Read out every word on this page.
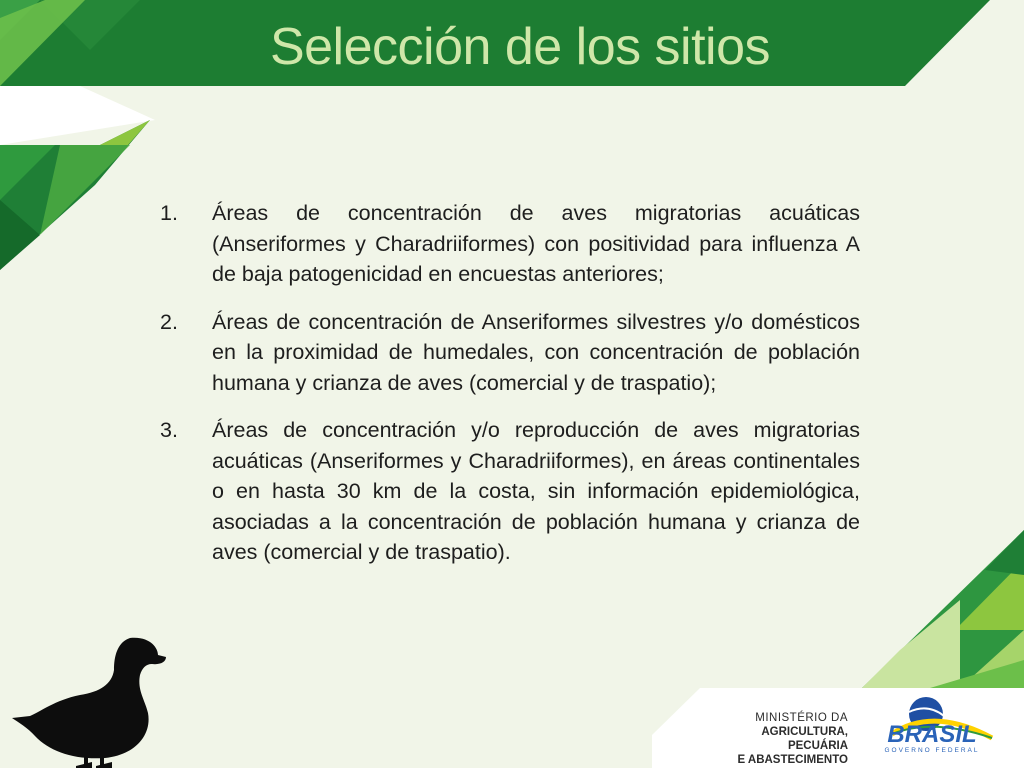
Selección de los sitios
1. Áreas de concentración de aves migratorias acuáticas (Anseriformes y Charadriiformes) con positividad para influenza A de baja patogenicidad en encuestas anteriores;
2. Áreas de concentración de Anseriformes silvestres y/o domésticos en la proximidad de humedales, con concentración de población humana y crianza de aves (comercial y de traspatio);
3. Áreas de concentración y/o reproducción de aves migratorias acuáticas (Anseriformes y Charadriiformes), en áreas continentales o en hasta 30 km de la costa, sin información epidemiológica, asociadas a la concentración de población humana y crianza de aves (comercial y de traspatio).
MINISTÉRIO DA
AGRICULTURA, PECUÁRIA
E ABASTECIMENTO
BRASIL
GOVERNO FEDERAL
